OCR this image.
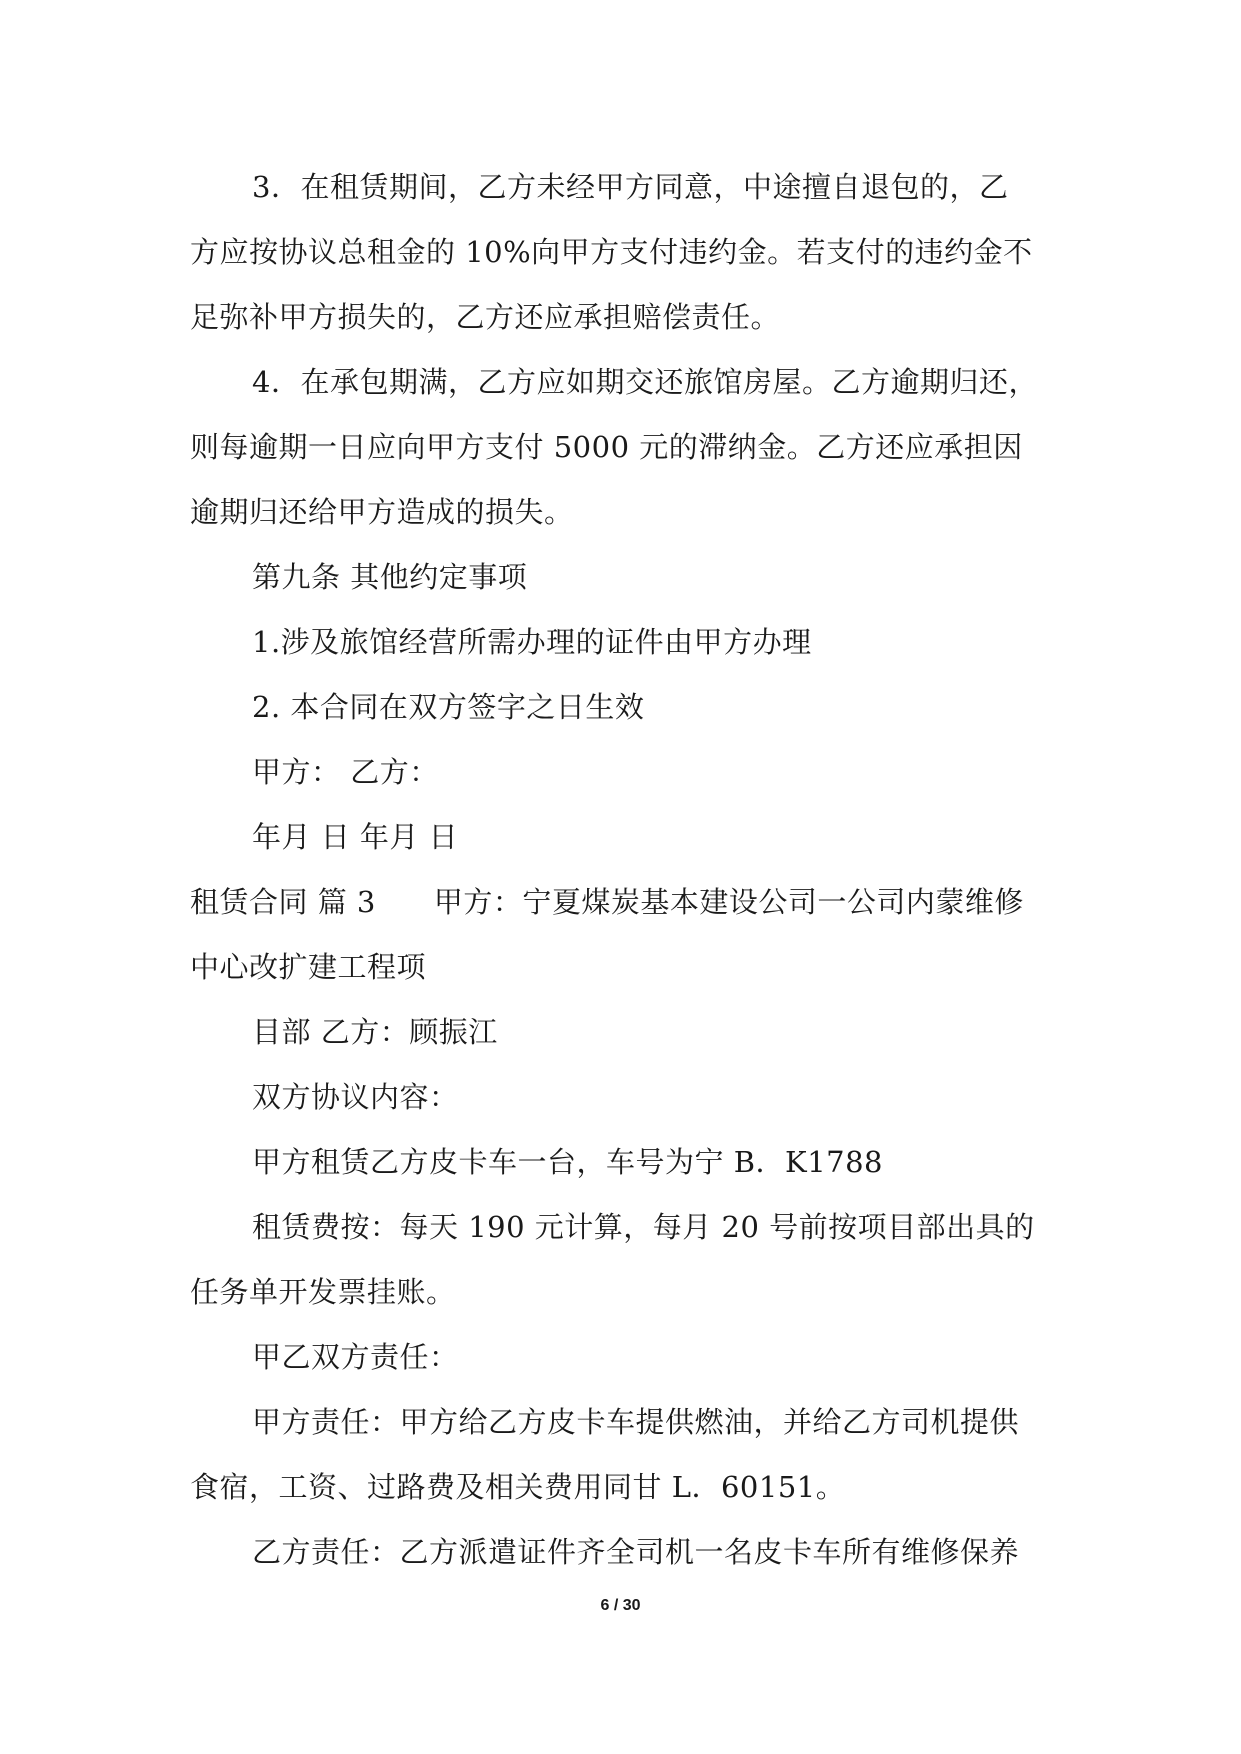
3．在租赁期间，乙方未经甲方同意，中途擅自退包的，乙
方应按协议总租金的 10%向甲方支付违约金。若支付的违约金不
足弥补甲方损失的，乙方还应承担赔偿责任。
4．在承包期满，乙方应如期交还旅馆房屋。乙方逾期归还，
则每逾期一日应向甲方支付 5000 元的滞纳金。乙方还应承担因
逾期归还给甲方造成的损失。
第九条 其他约定事项
1.涉及旅馆经营所需办理的证件由甲方办理
2. 本合同在双方签字之日生效
甲方： 乙方：
年月 日 年月 日
租赁合同 篇 3 甲方：宁夏煤炭基本建设公司一公司内蒙维修
中心改扩建工程项
目部 乙方：顾振江
双方协议内容：
甲方租赁乙方皮卡车一台，车号为宁 B．K1788
租赁费按：每天 190 元计算，每月 20 号前按项目部出具的
任务单开发票挂账。
甲乙双方责任：
甲方责任：甲方给乙方皮卡车提供燃油，并给乙方司机提供
食宿，工资、过路费及相关费用同甘 L．60151。
乙方责任：乙方派遣证件齐全司机一名皮卡车所有维修保养
6 / 30
